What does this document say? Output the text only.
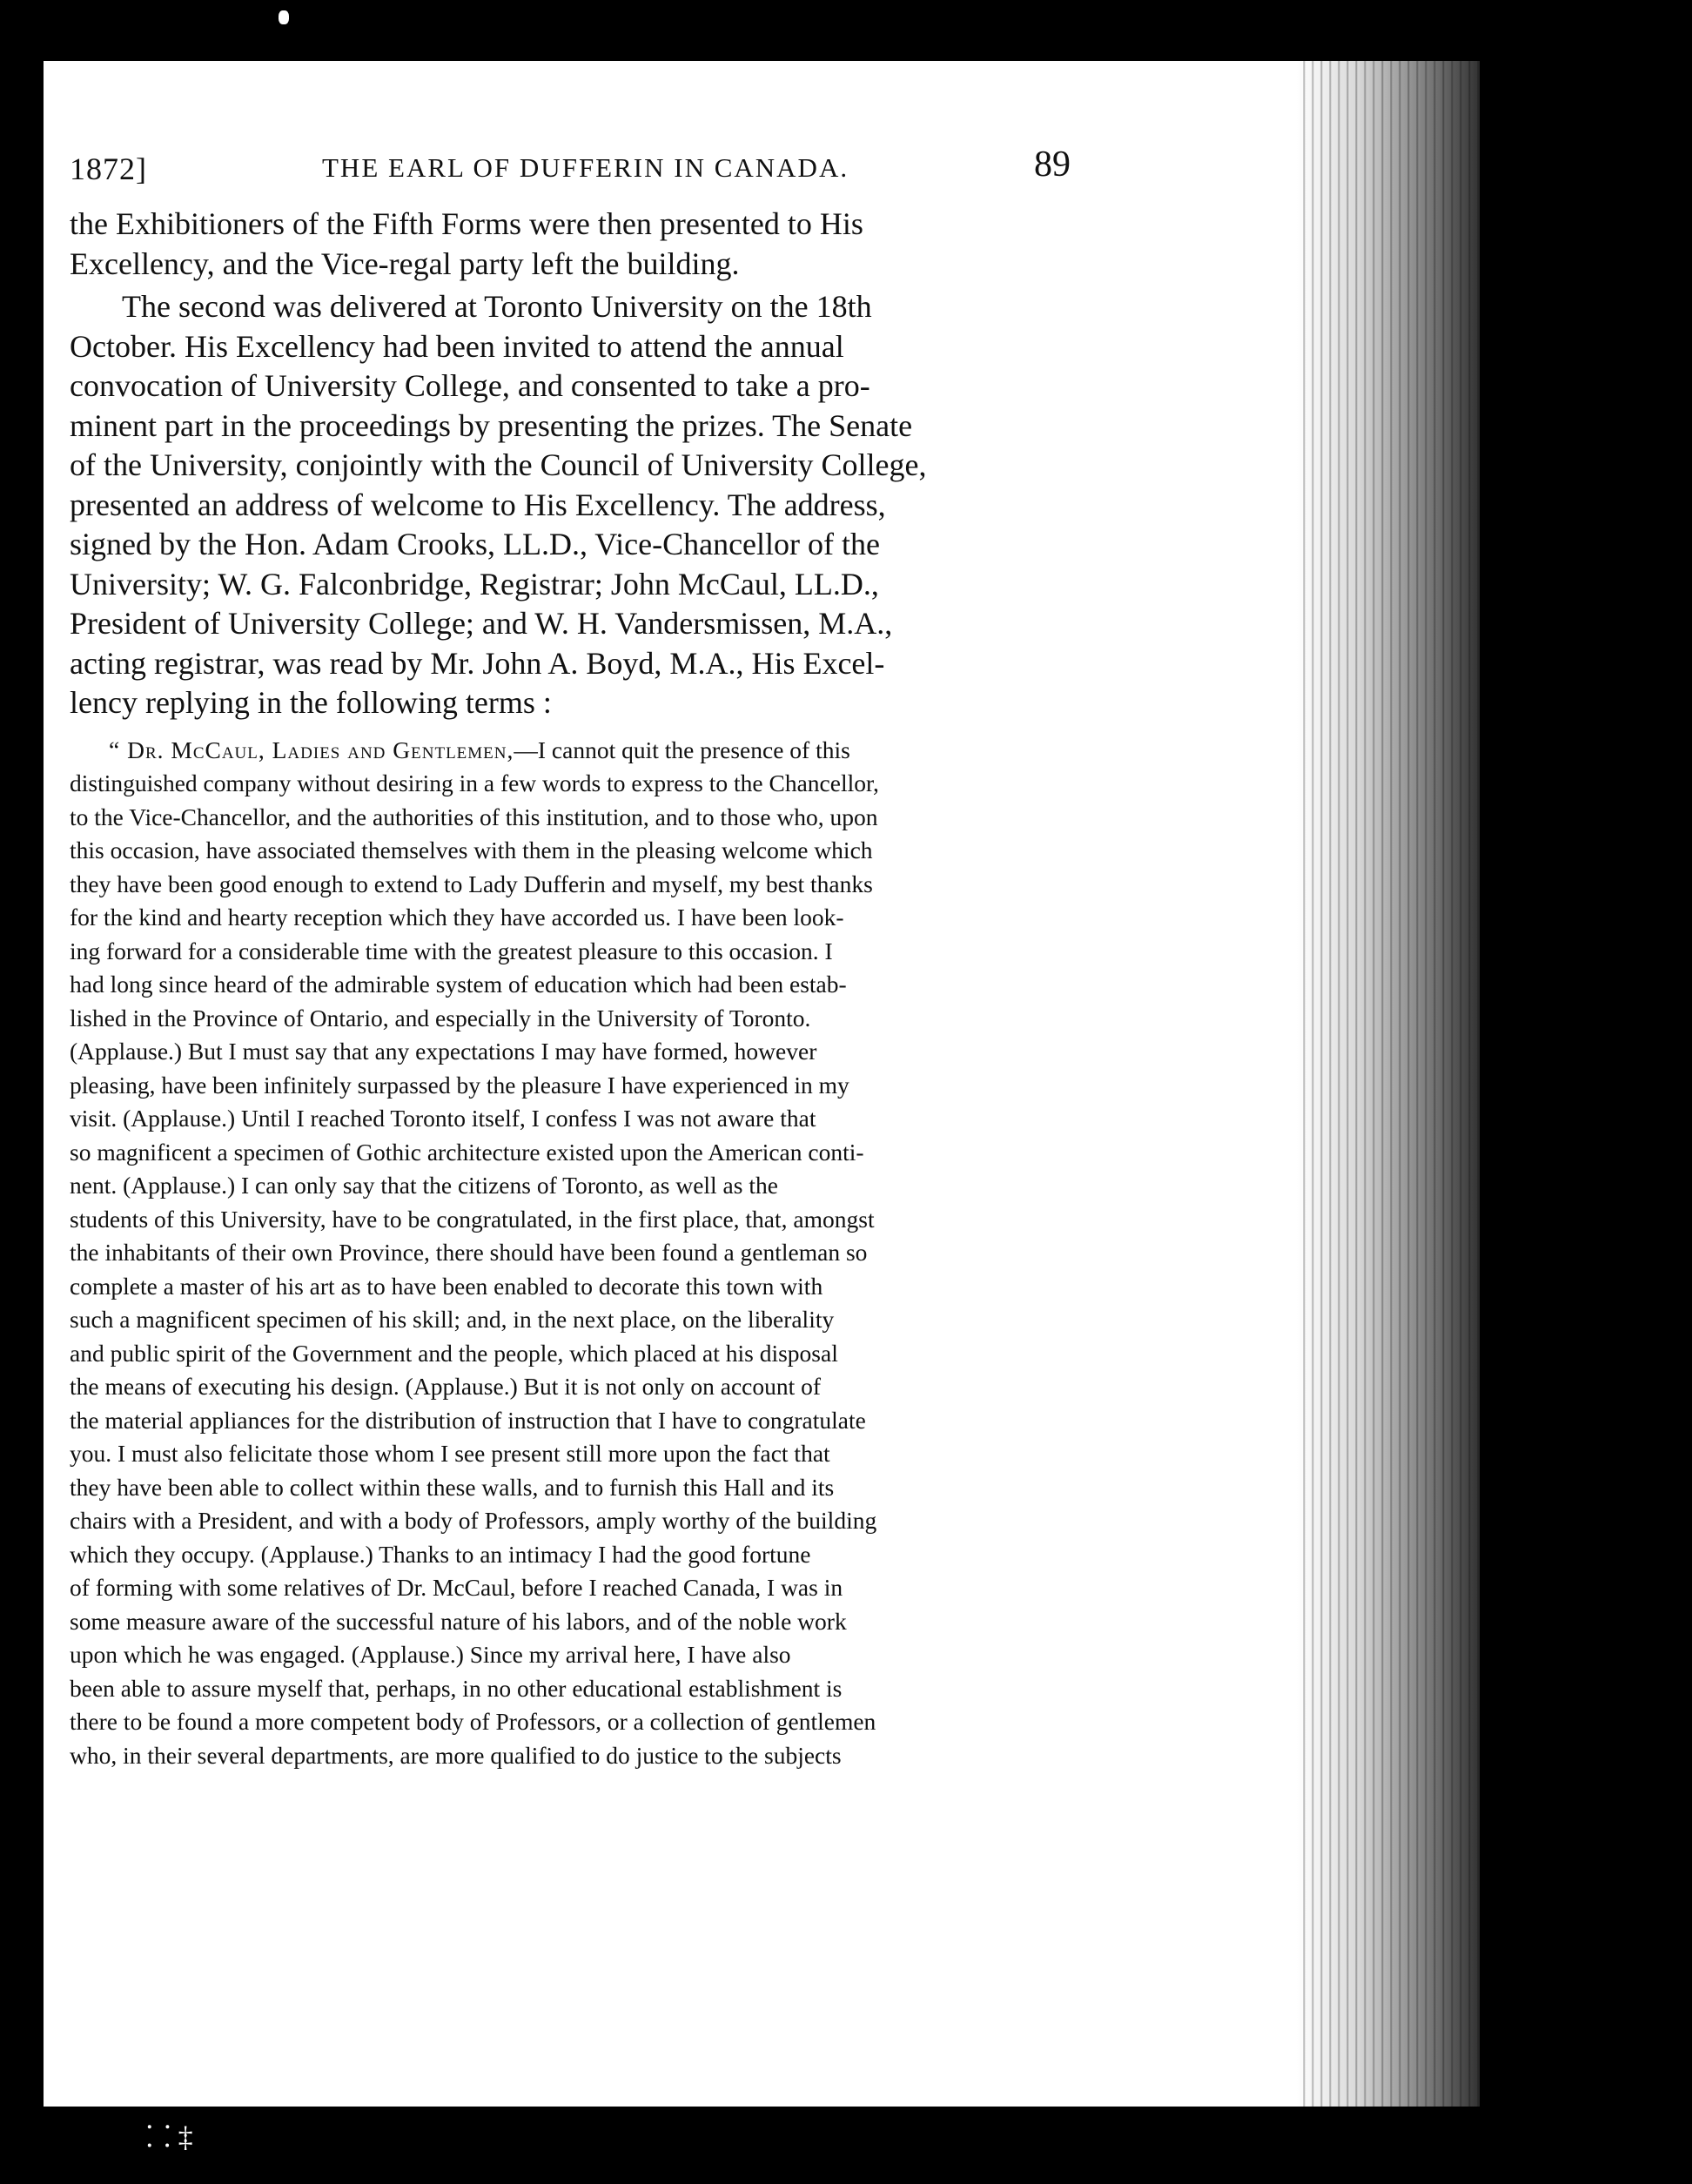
⸬ ‡
1872]	THE EARL OF DUFFERIN IN CANADA.	89

the Exhibitioners of the Fifth Forms were then presented to His
Excellency, and the Vice-regal party left the building.

The second was delivered at Toronto University on the 18th
October. His Excellency had been invited to attend the annual
convocation of University College, and consented to take a pro-
minent part in the proceedings by presenting the prizes. The Senate
of the University, conjointly with the Council of University College,
presented an address of welcome to His Excellency. The address,
signed by the Hon. Adam Crooks, LL.D., Vice-Chancellor of the
University; W. G. Falconbridge, Registrar; John McCaul, LL.D.,
President of University College; and W. H. Vandersmissen, M.A.,
acting registrar, was read by Mr. John A. Boyd, M.A., His Excel-
lency replying in the following terms :

“ Dr. McCaul, Ladies and Gentlemen,—I cannot quit the presence of this
distinguished company without desiring in a few words to express to the Chancellor,
to the Vice-Chancellor, and the authorities of this institution, and to those who, upon
this occasion, have associated themselves with them in the pleasing welcome which
they have been good enough to extend to Lady Dufferin and myself, my best thanks
for the kind and hearty reception which they have accorded us. I have been look-
ing forward for a considerable time with the greatest pleasure to this occasion. I
had long since heard of the admirable system of education which had been estab-
lished in the Province of Ontario, and especially in the University of Toronto.
(Applause.) But I must say that any expectations I may have formed, however
pleasing, have been infinitely surpassed by the pleasure I have experienced in my
visit. (Applause.) Until I reached Toronto itself, I confess I was not aware that
so magnificent a specimen of Gothic architecture existed upon the American conti-
nent. (Applause.) I can only say that the citizens of Toronto, as well as the
students of this University, have to be congratulated, in the first place, that, amongst
the inhabitants of their own Province, there should have been found a gentleman so
complete a master of his art as to have been enabled to decorate this town with
such a magnificent specimen of his skill; and, in the next place, on the liberality
and public spirit of the Government and the people, which placed at his disposal
the means of executing his design. (Applause.) But it is not only on account of
the material appliances for the distribution of instruction that I have to congratulate
you. I must also felicitate those whom I see present still more upon the fact that
they have been able to collect within these walls, and to furnish this Hall and its
chairs with a President, and with a body of Professors, amply worthy of the building
which they occupy. (Applause.) Thanks to an intimacy I had the good fortune
of forming with some relatives of Dr. McCaul, before I reached Canada, I was in
some measure aware of the successful nature of his labors, and of the noble work
upon which he was engaged. (Applause.) Since my arrival here, I have also
been able to assure myself that, perhaps, in no other educational establishment is
there to be found a more competent body of Professors, or a collection of gentlemen
who, in their several departments, are more qualified to do justice to the subjects
